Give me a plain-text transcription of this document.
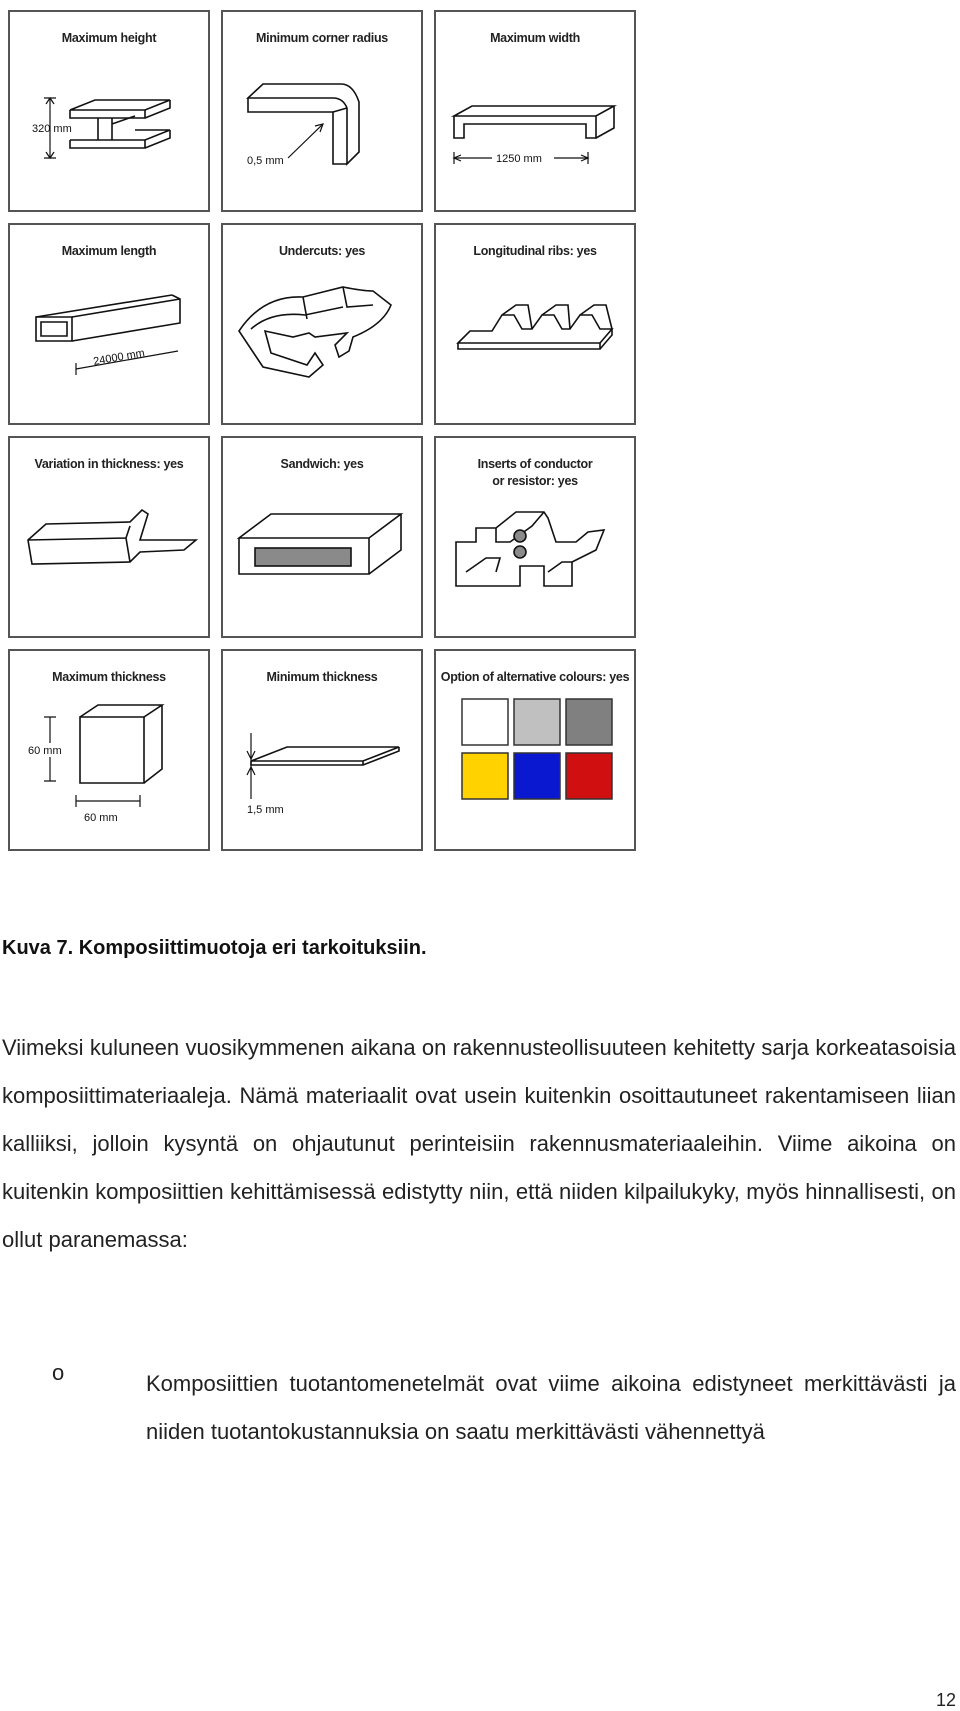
Maximum height
320 mm
Minimum corner radius
0,5 mm
Maximum width
1250 mm
Maximum length
24000 mm
Undercuts: yes	Longitudinal ribs: yes
Variation in thickness: yes	Sandwich: yes	Inserts of conductor
or resistor: yes
Maximum thickness
60 mm
60 mm
Minimum thickness
1,5 mm
Option of alternative colours: yes
Kuva 7. Komposiittimuotoja eri tarkoituksiin.

Viimeksi kuluneen vuosikymmenen aikana on rakennusteollisuuteen kehitetty sarja korkeatasoisia komposiittimateriaaleja. Nämä materiaalit ovat usein kuitenkin osoittautuneet rakentamiseen liian kalliiksi, jolloin kysyntä on ohjautunut perinteisiin rakennusmateriaaleihin. Viime aikoina on kuitenkin komposiittien kehittämisessä edistytty niin, että niiden kilpailukyky, myös hinnallisesti, on ollut paranemassa:

o	Komposiittien tuotantomenetelmät ovat viime aikoina edistyneet merkittävästi ja niiden tuotantokustannuksia on saatu merkittävästi vähennettyä

12
